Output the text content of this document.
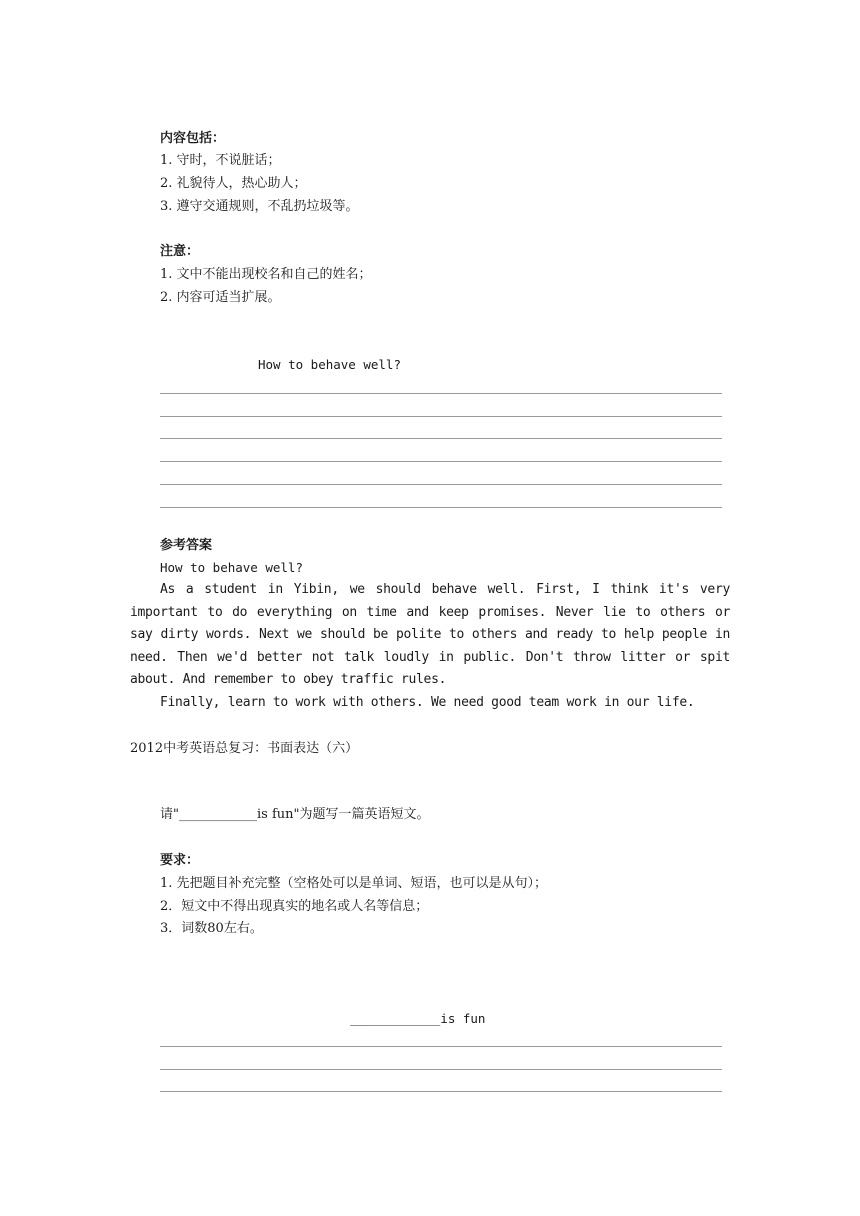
内容包括：
1. 守时，不说脏话；
2. 礼貌待人，热心助人；
3. 遵守交通规则，不乱扔垃圾等。
注意：
1. 文中不能出现校名和自己的姓名；
2. 内容可适当扩展。
How to behave well?
参考答案
How to behave well?

As a student in Yibin, we should behave well. First, I think it's very important to do everything on time and keep promises. Never lie to others or say dirty words. Next we should be polite to others and ready to help people in need. Then we'd better not talk loudly in public. Don't throw litter or spit about. And remember to obey traffic rules.

Finally, learn to work with others. We need good team work in our life.

2012中考英语总复习：书面表达（六）
请"____________is fun"为题写一篇英语短文。
要求：
1. 先把题目补充完整（空格处可以是单词、短语，也可以是从句）；
2．短文中不得出现真实的地名或人名等信息；
3．词数80左右。
____________is fun
